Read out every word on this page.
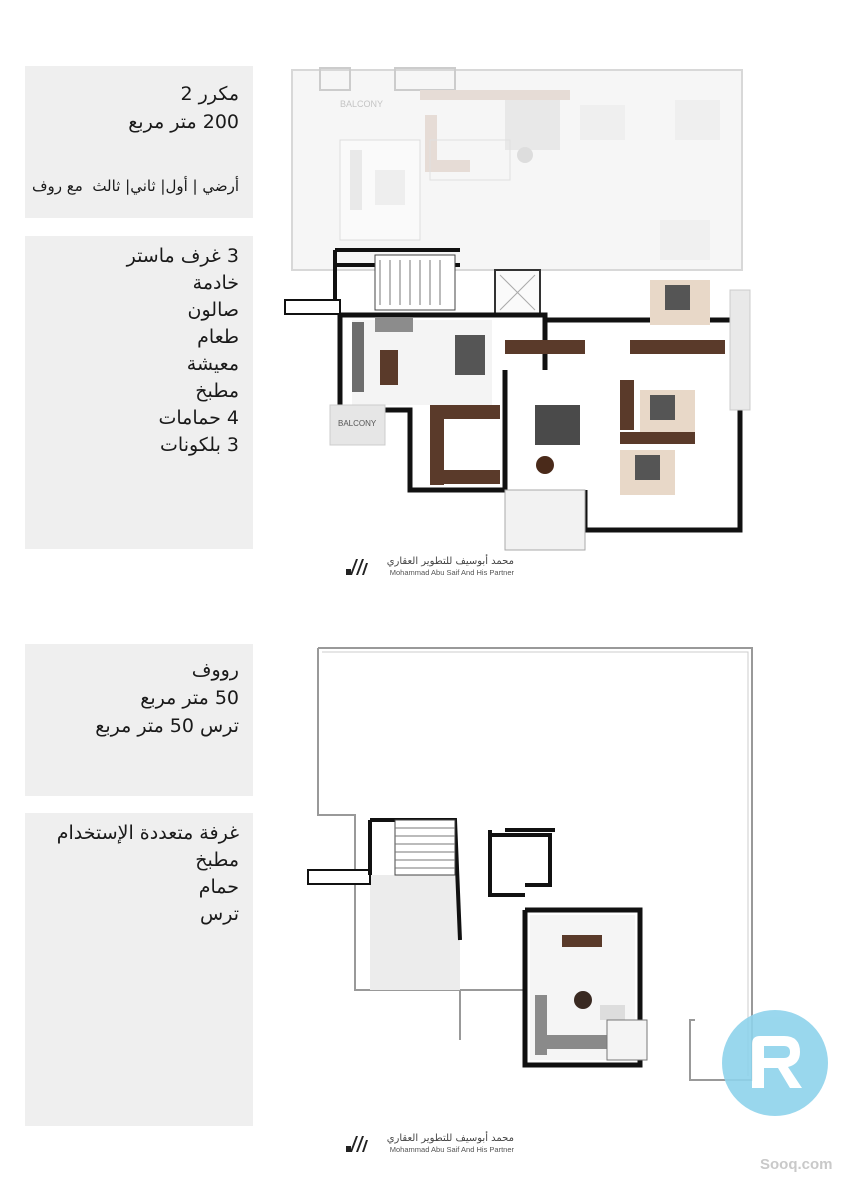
مكرر 2
200 متر مربع
أرضي | أول| ثاني| ثالث  مع روف
3 غرف ماستر
خادمة
صالون
طعام
معيشة
مطبخ
4 حمامات
3 بلكونات
BALCONY
BALCONY
محمد أبوسيف للتطوير العقاري
Mohammad Abu Saif And His Partner
رووف
50 متر مربع
ترس 50 متر مربع
غرفة متعددة الإستخدام
مطبخ
حمام
ترس
محمد أبوسيف للتطوير العقاري
Mohammad Abu Saif And His Partner
Sooq.com
